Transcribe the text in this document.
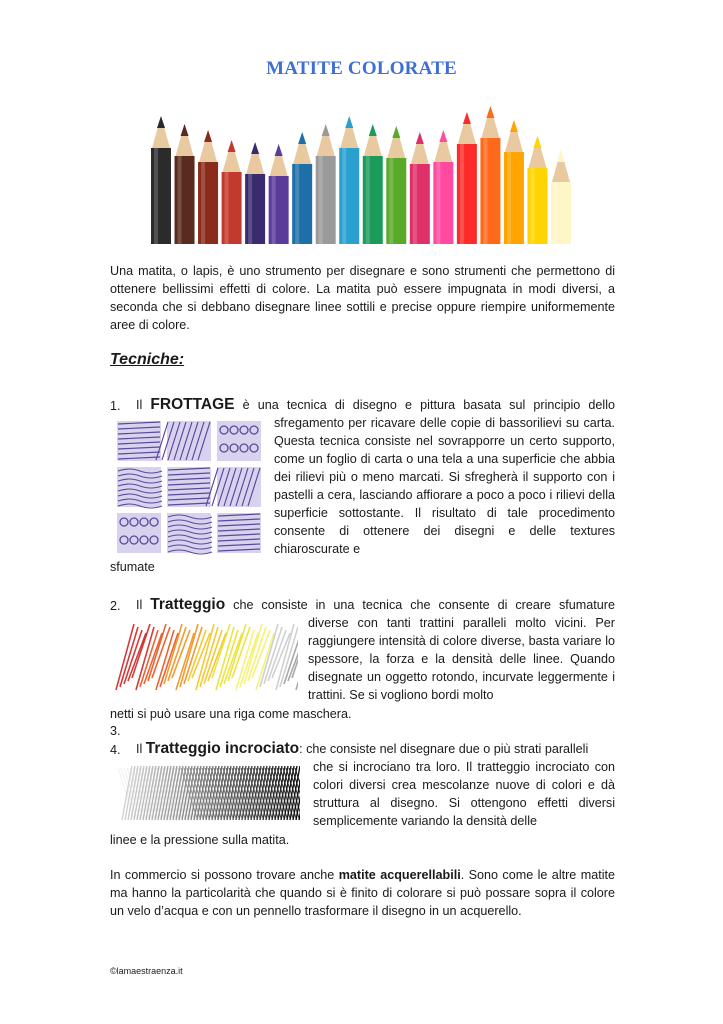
MATITE COLORATE
Una matita, o lapis, è uno strumento per disegnare e sono strumenti che permettono di ottenere bellissimi effetti di colore. La matita può essere impugnata in modi diversi, a seconda che si debbano disegnare linee sottili e precise oppure riempire uniformemente aree di colore.
Tecniche:
1. Il FROTTAGE è una tecnica di disegno e pittura basata sul principio dello
sfregamento per ricavare delle copie di bassorilievi su carta. Questa tecnica consiste nel sovrapporre un certo supporto, come un foglio di carta o una tela a una superficie che abbia dei rilievi più o meno marcati. Si sfregherà il supporto con i pastelli a cera, lasciando affiorare a poco a poco i rilievi della superficie sottostante. Il risultato di tale procedimento consente di ottenere dei disegni e delle textures chiaroscurate e
sfumate
2. Il Tratteggio che consiste in una tecnica che consente di creare sfumature
diverse con tanti trattini paralleli molto vicini. Per raggiungere intensità di colore diverse, basta variare lo spessore, la forza e la densità delle linee. Quando disegnate un oggetto rotondo, incurvate leggermente i trattini. Se si vogliono bordi molto
netti si può usare una riga come maschera.
3.
4. Il Tratteggio incrociato: che consiste nel disegnare due o più strati paralleli
che si incrociano tra loro. Il tratteggio incrociato con colori diversi crea mescolanze nuove di colori e dà struttura al disegno. Si ottengono effetti diversi semplicemente variando la densità delle
linee e la pressione sulla matita.
In commercio si possono trovare anche matite acquerellabili. Sono come le altre matite ma hanno la particolarità che quando si è finito di colorare si può possare sopra il colore un velo d’acqua e con un pennello trasformare il disegno in un acquerello.
©lamaestraenza.it
